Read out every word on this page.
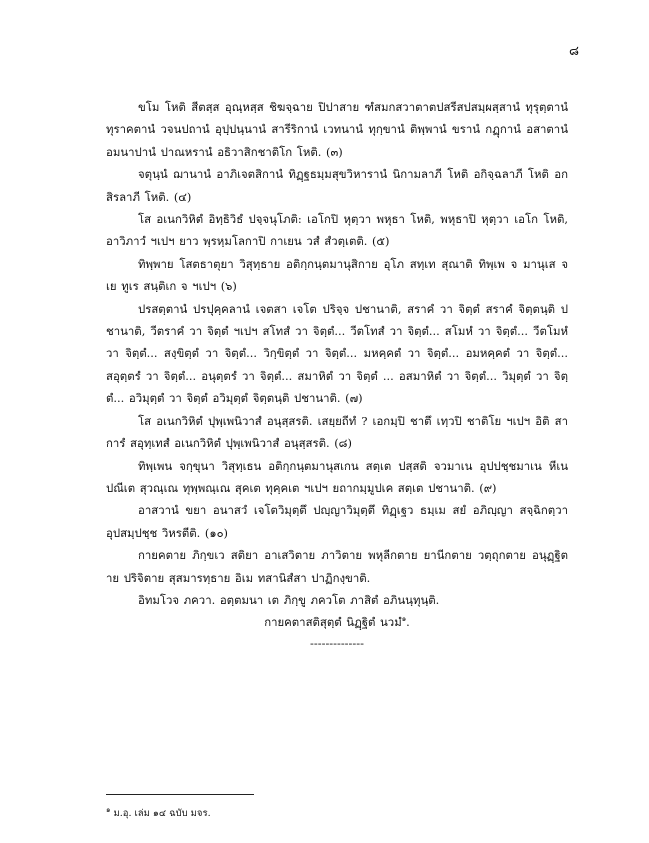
๘

ขโม โหติ สีตสฺส อุณฺหสฺส ชิฆจฺฉาย ปิปาสาย ฑํสมกสวาตาตปสรีสปสมฺผสฺสานํ ทุรุตฺตานํ ทุราคตานํ วจนปถานํ อุปฺปนฺนานํ สารีริกานํ เวทนานํ ทุกฺขานํ ติพฺพานํ ขรานํ กฏุกานํ อสาตานํ อมนาปานํ ปาณหรานํ อธิวาสิกชาติโก โหติ. (๓)

จตุนฺนํ ฌานานํ อาภิเจตสิกานํ ทิฏฺฐธมฺมสุขวิหารานํ นิกามลาภี โหติ อกิจฺฉลาภี โหติ อกสิรลาภี โหติ. (๔)

โส อเนกวิหิตํ อิทฺธิวิธํ ปจฺจนุโภติ: เอโกปิ หุตฺวา พหุธา โหติ, พหุธาปิ หุตฺวา เอโก โหติ, อาวิภาวํ ฯเปฯ ยาว พฺรหฺมโลกาปิ กาเยน วสํ สํวตฺเตติ. (๕)

ทิพฺพาย โสตธาตุยา วิสุทฺธาย อติกฺกนฺตมานุสิกาย อุโภ สทฺเท สุณาติ ทิพฺเพ จ มานุเส จ เย ทูเร สนฺติเก จ ฯเปฯ (๖)

ปรสตฺตานํ ปรปุคฺคลานํ เจตสา เจโต ปริจฺจ ปชานาติ, สราคํ วา จิตฺตํ สราคํ จิตฺตนฺติ ปชานาติ, วีตราคํ วา จิตฺตํ ฯเปฯ สโทสํ วา จิตฺตํ... วีตโทสํ วา จิตฺตํ... สโมหํ วา จิตฺตํ... วีตโมหํ วา จิตฺตํ... สงฺขิตฺตํ วา จิตฺตํ... วิกฺขิตฺตํ วา จิตฺตํ... มหคฺคตํ วา จิตฺตํ... อมหคฺคตํ วา จิตฺตํ... สอุตฺตรํ วา จิตฺตํ... อนุตฺตรํ วา จิตฺตํ... สมาหิตํ วา จิตฺตํ ... อสมาหิตํ วา จิตฺตํ... วิมุตฺตํ วา จิตฺตํ... อวิมุตฺตํ วา จิตฺตํ อวิมุตฺตํ จิตฺตนฺติ ปชานาติ. (๗)

โส อเนกวิหิตํ ปุพฺเพนิวาสํ อนุสฺสรติ. เสยฺยถีทํ ? เอกมฺปิ ชาตึ เทฺวปิ ชาติโย ฯเปฯ อิติ สาการํ สอุทฺเทสํ อเนกวิหิตํ ปุพฺเพนิวาสํ อนุสฺสรติ. (๘)

ทิพฺเพน จกฺขุนา วิสุทฺเธน อติกฺกนฺตมานุสเกน สตฺเต ปสฺสติ จวมาเน อุปปชฺชมาเน หีเน ปณีเต สุวณฺเณ ทุพฺพณฺเณ สุคเต ทุคฺคเต ฯเปฯ ยถากมฺมูปเค สตฺเต ปชานาติ. (๙)

อาสวานํ ขยา อนาสวํ เจโตวิมุตฺตึ ปญฺญาวิมุตฺตึ ทิฏฺเฐว ธมฺเม สยํ อภิญฺญา สจฺฉิกตฺวา อุปสมฺปชฺช วิหรตีติ. (๑๐)

กายคตาย ภิกฺขเว สติยา อาเสวิตาย ภาวิตาย พหุลีกตาย ยานีกตาย วตฺถุกตาย อนุฏฺฐิตาย ปริจิตาย สุสมารทฺธาย อิเม ทสานิสํสา ปาฏิกงฺขาติ.

อิทมโวจ ภควา. อตฺตมนา เต ภิกฺขู ภควโต ภาสิตํ อภินนฺทุนฺติ.

กายคตาสติสุตฺตํ นิฏฺฐิตํ นวมํ$^๑$.

--------------

$^๑$ ม.อุ. เล่ม ๑๔ ฉบับ มจร.
